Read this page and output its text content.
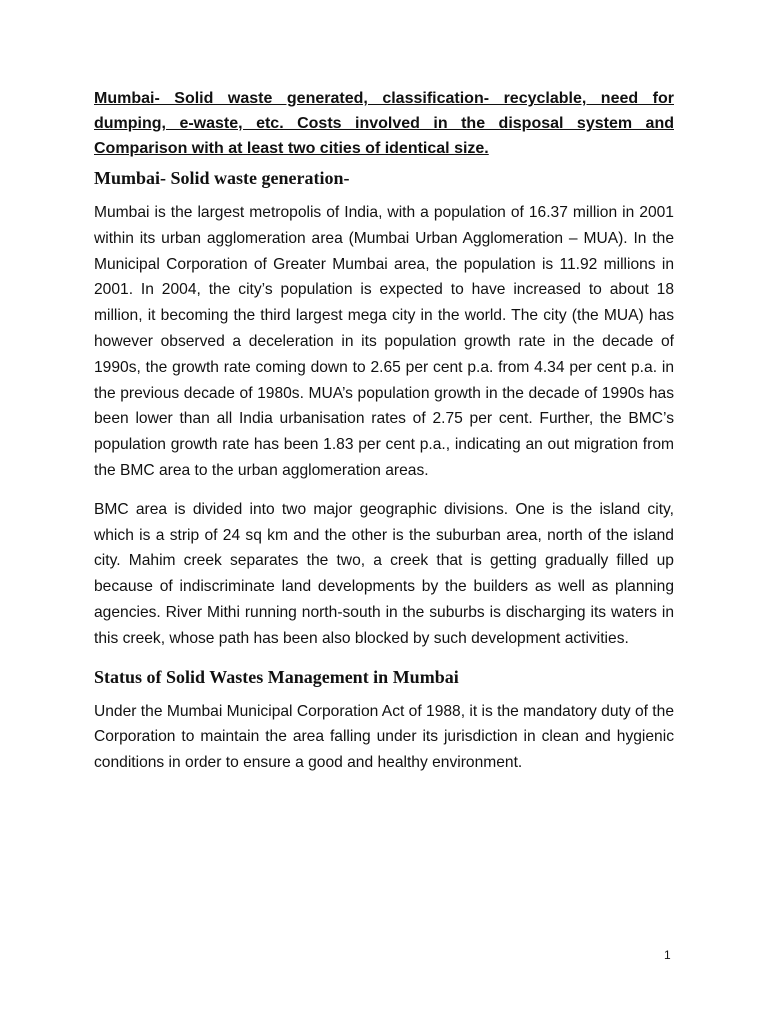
Mumbai- Solid waste generated, classification- recyclable, need for dumping, e-waste, etc. Costs involved in the disposal system and Comparison with at least two cities of identical size.

Mumbai- Solid waste generation-

Mumbai is the largest metropolis of India, with a population of 16.37 million in 2001 within its urban agglomeration area (Mumbai Urban Agglomeration – MUA). In the Municipal Corporation of Greater Mumbai area, the population is 11.92 millions in 2001. In 2004, the city’s population is expected to have increased to about 18 million, it becoming the third largest mega city in the world. The city (the MUA) has however observed a deceleration in its population growth rate in the decade of 1990s, the growth rate coming down to 2.65 per cent p.a. from 4.34 per cent p.a. in the previous decade of 1980s. MUA’s population growth in the decade of 1990s has been lower than all India urbanisation rates of 2.75 per cent. Further, the BMC’s population growth rate has been 1.83 per cent p.a., indicating an out migration from the BMC area to the urban agglomeration areas.

BMC area is divided into two major geographic divisions. One is the island city, which is a strip of 24 sq km and the other is the suburban area, north of the island city. Mahim creek separates the two, a creek that is getting gradually filled up because of indiscriminate land developments by the builders as well as planning agencies. River Mithi running north-south in the suburbs is discharging its waters in this creek, whose path has been also blocked by such development activities.

Status of Solid Wastes Management in Mumbai

Under the Mumbai Municipal Corporation Act of 1988, it is the mandatory duty of the Corporation to maintain the area falling under its jurisdiction in clean and hygienic conditions in order to ensure a good and healthy environment.

1
